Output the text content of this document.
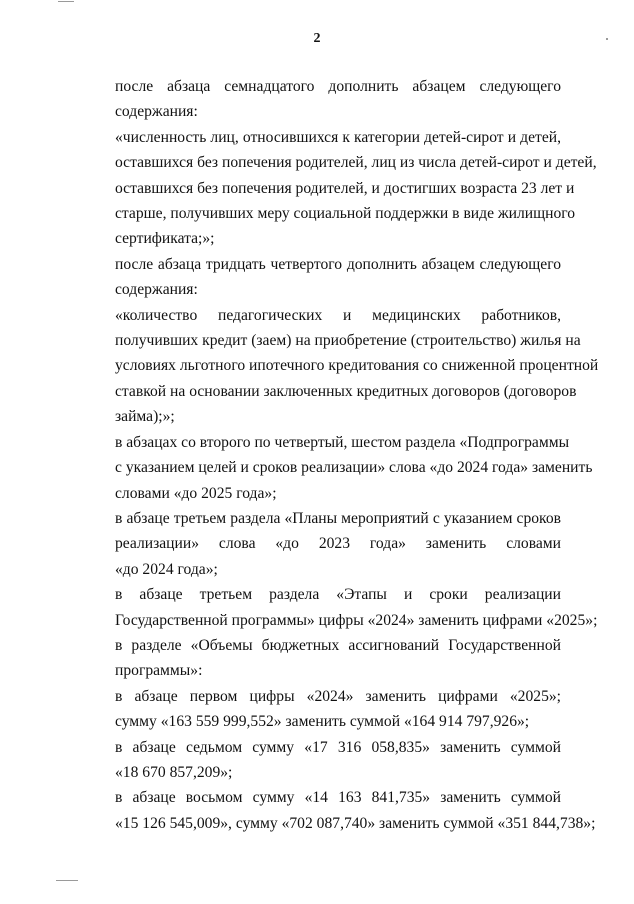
2
после абзаца семнадцатого дополнить абзацем следующего
содержания:
«численность лиц, относившихся к категории детей-сирот и детей,
оставшихся без попечения родителей, лиц из числа детей-сирот и детей,
оставшихся без попечения родителей, и достигших возраста 23 лет и
старше, получивших меру социальной поддержки в виде жилищного
сертификата;»;
после абзаца тридцать четвертого дополнить абзацем следующего
содержания:
«количество педагогических и медицинских работников,
получивших кредит (заем) на приобретение (строительство) жилья на
условиях льготного ипотечного кредитования со сниженной процентной
ставкой на основании заключенных кредитных договоров (договоров
займа);»;
в абзацах со второго по четвертый, шестом раздела «Подпрограммы
с указанием целей и сроков реализации» слова «до 2024 года» заменить
словами «до 2025 года»;
в абзаце третьем раздела «Планы мероприятий с указанием сроков
реализации» слова «до 2023 года» заменить словами
«до 2024 года»;
в абзаце третьем раздела «Этапы и сроки реализации
Государственной программы» цифры «2024» заменить цифрами «2025»;
в разделе «Объемы бюджетных ассигнований Государственной
программы»:
в абзаце первом цифры «2024» заменить цифрами «2025»;
сумму «163 559 999,552» заменить суммой «164 914 797,926»;
в абзаце седьмом сумму «17 316 058,835» заменить суммой
«18 670 857,209»;
в абзаце восьмом сумму «14 163 841,735» заменить суммой
«15 126 545,009», сумму «702 087,740» заменить суммой «351 844,738»;
